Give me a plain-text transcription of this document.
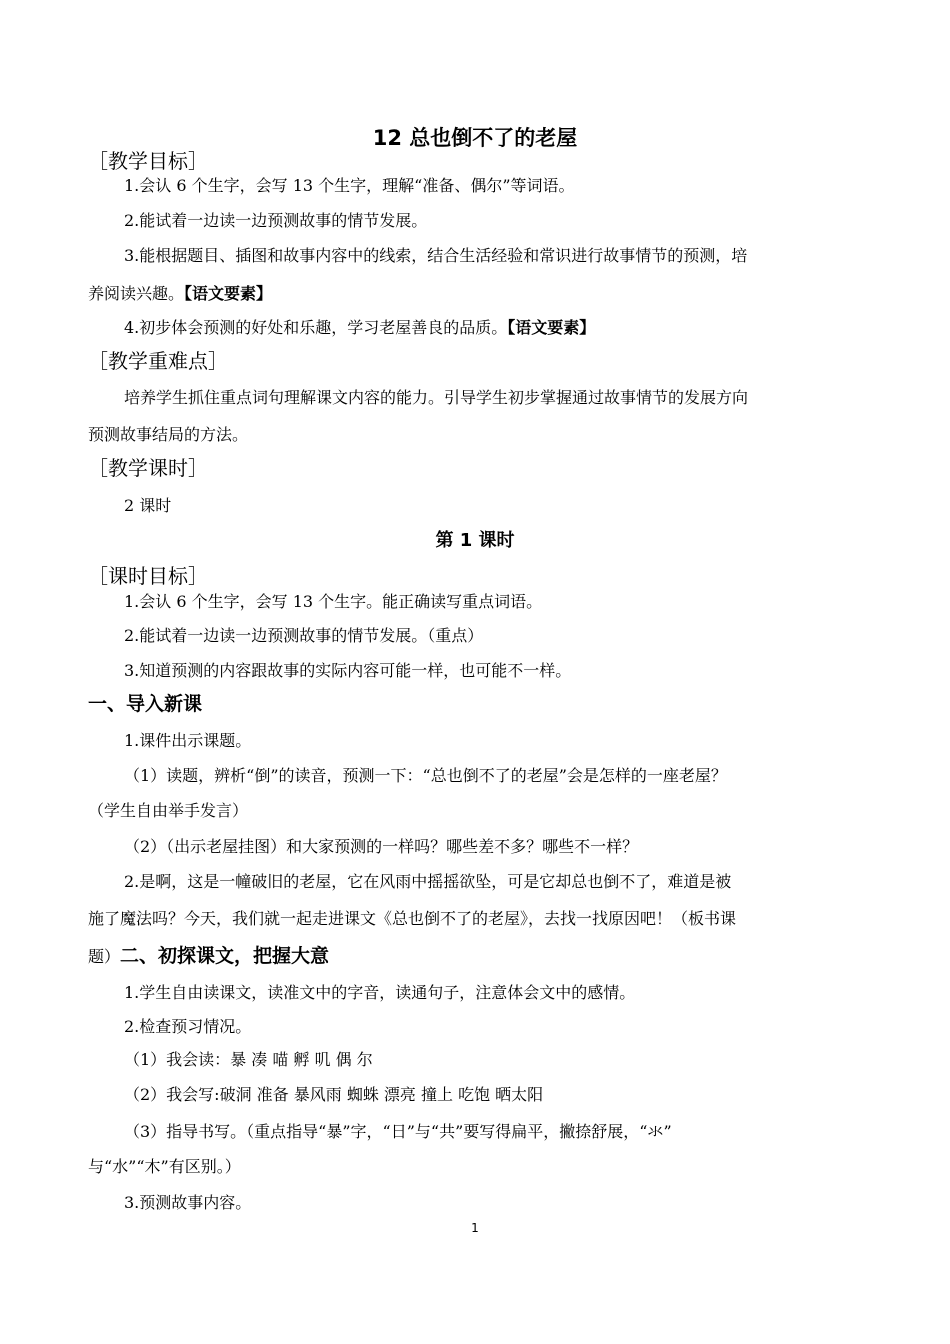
12 总也倒不了的老屋
［教学目标］
1.会认 6 个生字，会写 13 个生字，理解“准备、偶尔”等词语。
2.能试着一边读一边预测故事的情节发展。
3.能根据题目、插图和故事内容中的线索，结合生活经验和常识进行故事情节的预测，培
养阅读兴趣。【语文要素】
4.初步体会预测的好处和乐趣，学习老屋善良的品质。【语文要素】
［教学重难点］
培养学生抓住重点词句理解课文内容的能力。引导学生初步掌握通过故事情节的发展方向
预测故事结局的方法。
［教学课时］
2 课时
第 1 课时
［课时目标］
1.会认 6 个生字，会写 13 个生字。能正确读写重点词语。
2.能试着一边读一边预测故事的情节发展。（重点）
3.知道预测的内容跟故事的实际内容可能一样，也可能不一样。
一、导入新课
1.课件出示课题。
（1）读题，辨析“倒”的读音，预测一下：“总也倒不了的老屋”会是怎样的一座老屋？
（学生自由举手发言）
（2）（出示老屋挂图）和大家预测的一样吗？哪些差不多？哪些不一样？
2.是啊，这是一幢破旧的老屋，它在风雨中摇摇欲坠，可是它却总也倒不了，难道是被
施了魔法吗？今天，我们就一起走进课文《总也倒不了的老屋》，去找一找原因吧！（板书课
题）二、初探课文，把握大意
1.学生自由读课文，读准文中的字音，读通句子，注意体会文中的感情。
2.检查预习情况。
（1）我会读：暴 凑 喵 孵 叽 偶 尔
（2）我会写:破洞 准备 暴风雨 蜘蛛 漂亮 撞上 吃饱 晒太阳
（3）指导书写。（重点指导“暴”字，“日”与“共”要写得扁平，撇捺舒展，“氺”
与“水”“木”有区别。）
3.预测故事内容。
1
